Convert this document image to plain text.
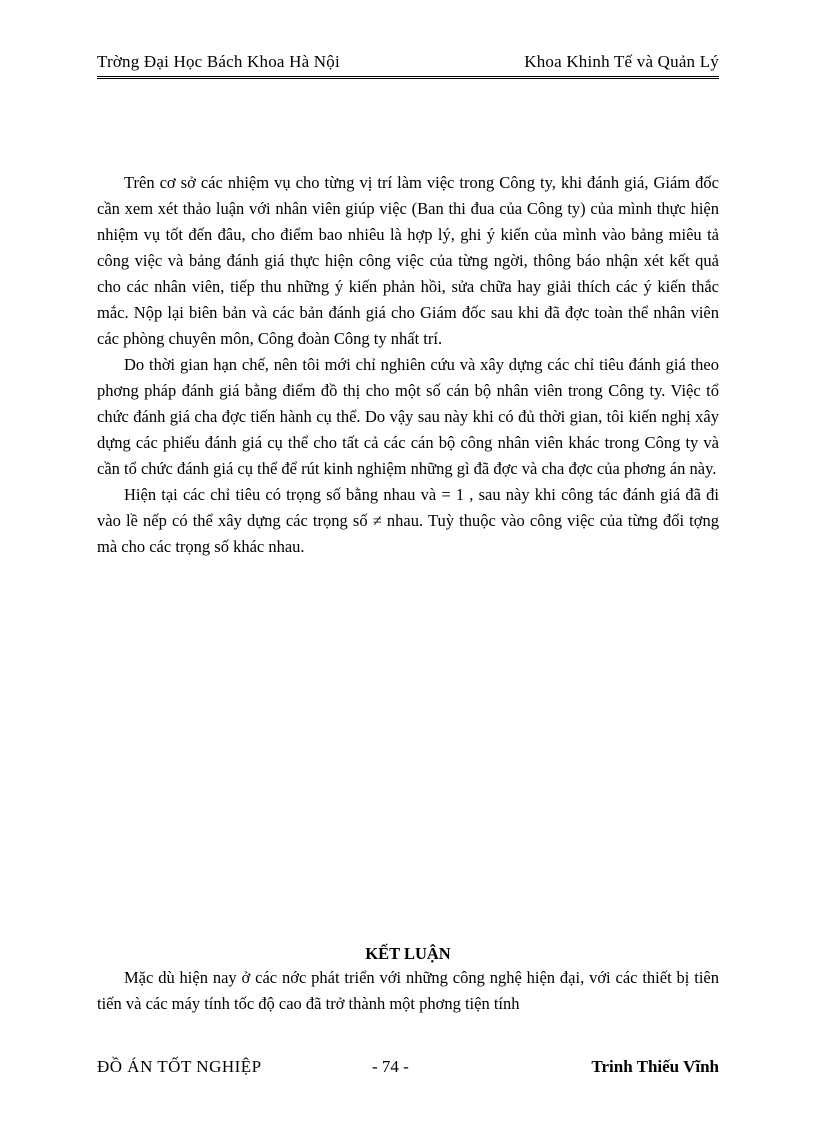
Trờng Đại Học Bách Khoa Hà Nội	Khoa Khinh Tế và Quản Lý

Trên cơ sở các nhiệm vụ cho từng vị trí làm việc trong Công ty, khi đánh giá, Giám đốc cần xem xét thảo luận với nhân viên giúp việc (Ban thi đua của Công ty) của mình thực hiện nhiệm vụ tốt đến đâu, cho điểm bao nhiêu là hợp lý, ghi ý kiến của mình vào bảng miêu tả công việc và bảng đánh giá thực hiện công việc của từng ngời, thông báo nhận xét kết quả cho các nhân viên, tiếp thu những ý kiến phản hồi, sửa chữa hay giải thích các ý kiến thắc mắc. Nộp lại biên bản và các bản đánh giá cho Giám đốc sau khi đã đợc toàn thể nhân viên các phòng chuyên môn, Công đoàn Công ty nhất trí.

Do thời gian hạn chế, nên tôi mới chỉ nghiên cứu và xây dựng các chỉ tiêu đánh giá theo phơng pháp đánh giá bằng điểm đồ thị cho một số cán bộ nhân viên trong Công ty. Việc tổ chức đánh giá cha đợc tiến hành cụ thể. Do vậy sau này khi có đủ thời gian, tôi kiến nghị xây dựng các phiếu đánh giá cụ thể cho tất cả các cán bộ công nhân viên khác trong Công ty và cần tổ chức đánh giá cụ thể để rút kinh nghiệm những gì đã đợc và cha đợc của phơng án này.

Hiện tại các chỉ tiêu có trọng số bằng nhau và = 1 , sau này khi công tác đánh giá đã đi vào lề nếp có thể xây dựng các trọng số ≠ nhau. Tuỳ thuộc vào công việc của từng đối tợng mà cho các trọng số khác nhau.

KẾT LUẬN

Mặc dù hiện nay ở các nớc phát triển với những công nghệ hiện đại, với các thiết bị tiên tiến và các máy tính tốc độ cao đã trở thành một phơng tiện tính

ĐỒ ÁN TỐT NGHIỆP	- 74 -	Trinh Thiếu Vĩnh
